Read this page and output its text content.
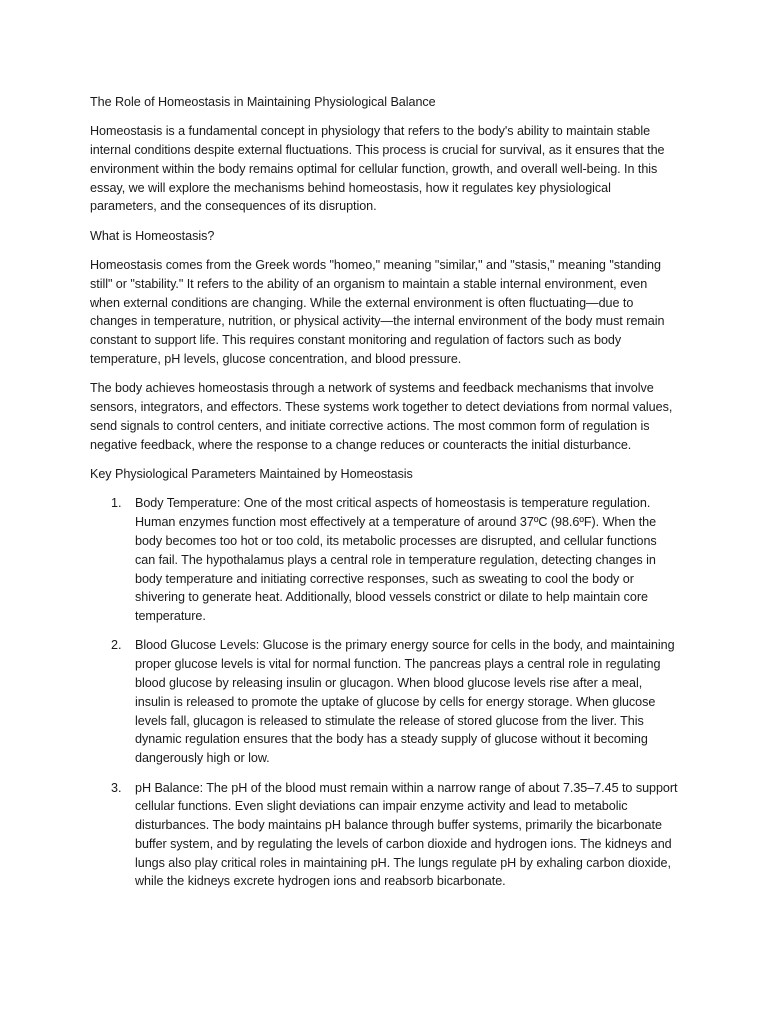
The Role of Homeostasis in Maintaining Physiological Balance

Homeostasis is a fundamental concept in physiology that refers to the body's ability to maintain stable internal conditions despite external fluctuations. This process is crucial for survival, as it ensures that the environment within the body remains optimal for cellular function, growth, and overall well-being. In this essay, we will explore the mechanisms behind homeostasis, how it regulates key physiological parameters, and the consequences of its disruption.

What is Homeostasis?

Homeostasis comes from the Greek words "homeo," meaning "similar," and "stasis," meaning "standing still" or "stability." It refers to the ability of an organism to maintain a stable internal environment, even when external conditions are changing. While the external environment is often fluctuating—due to changes in temperature, nutrition, or physical activity—the internal environment of the body must remain constant to support life. This requires constant monitoring and regulation of factors such as body temperature, pH levels, glucose concentration, and blood pressure.

The body achieves homeostasis through a network of systems and feedback mechanisms that involve sensors, integrators, and effectors. These systems work together to detect deviations from normal values, send signals to control centers, and initiate corrective actions. The most common form of regulation is negative feedback, where the response to a change reduces or counteracts the initial disturbance.

Key Physiological Parameters Maintained by Homeostasis

1.	Body Temperature: One of the most critical aspects of homeostasis is temperature regulation. Human enzymes function most effectively at a temperature of around 37ºC (98.6ºF). When the body becomes too hot or too cold, its metabolic processes are disrupted, and cellular functions can fail. The hypothalamus plays a central role in temperature regulation, detecting changes in body temperature and initiating corrective responses, such as sweating to cool the body or shivering to generate heat. Additionally, blood vessels constrict or dilate to help maintain core temperature.
2.	Blood Glucose Levels: Glucose is the primary energy source for cells in the body, and maintaining proper glucose levels is vital for normal function. The pancreas plays a central role in regulating blood glucose by releasing insulin or glucagon. When blood glucose levels rise after a meal, insulin is released to promote the uptake of glucose by cells for energy storage. When glucose levels fall, glucagon is released to stimulate the release of stored glucose from the liver. This dynamic regulation ensures that the body has a steady supply of glucose without it becoming dangerously high or low.
3.	pH Balance: The pH of the blood must remain within a narrow range of about 7.35–7.45 to support cellular functions. Even slight deviations can impair enzyme activity and lead to metabolic disturbances. The body maintains pH balance through buffer systems, primarily the bicarbonate buffer system, and by regulating the levels of carbon dioxide and hydrogen ions. The kidneys and lungs also play critical roles in maintaining pH. The lungs regulate pH by exhaling carbon dioxide, while the kidneys excrete hydrogen ions and reabsorb bicarbonate.
